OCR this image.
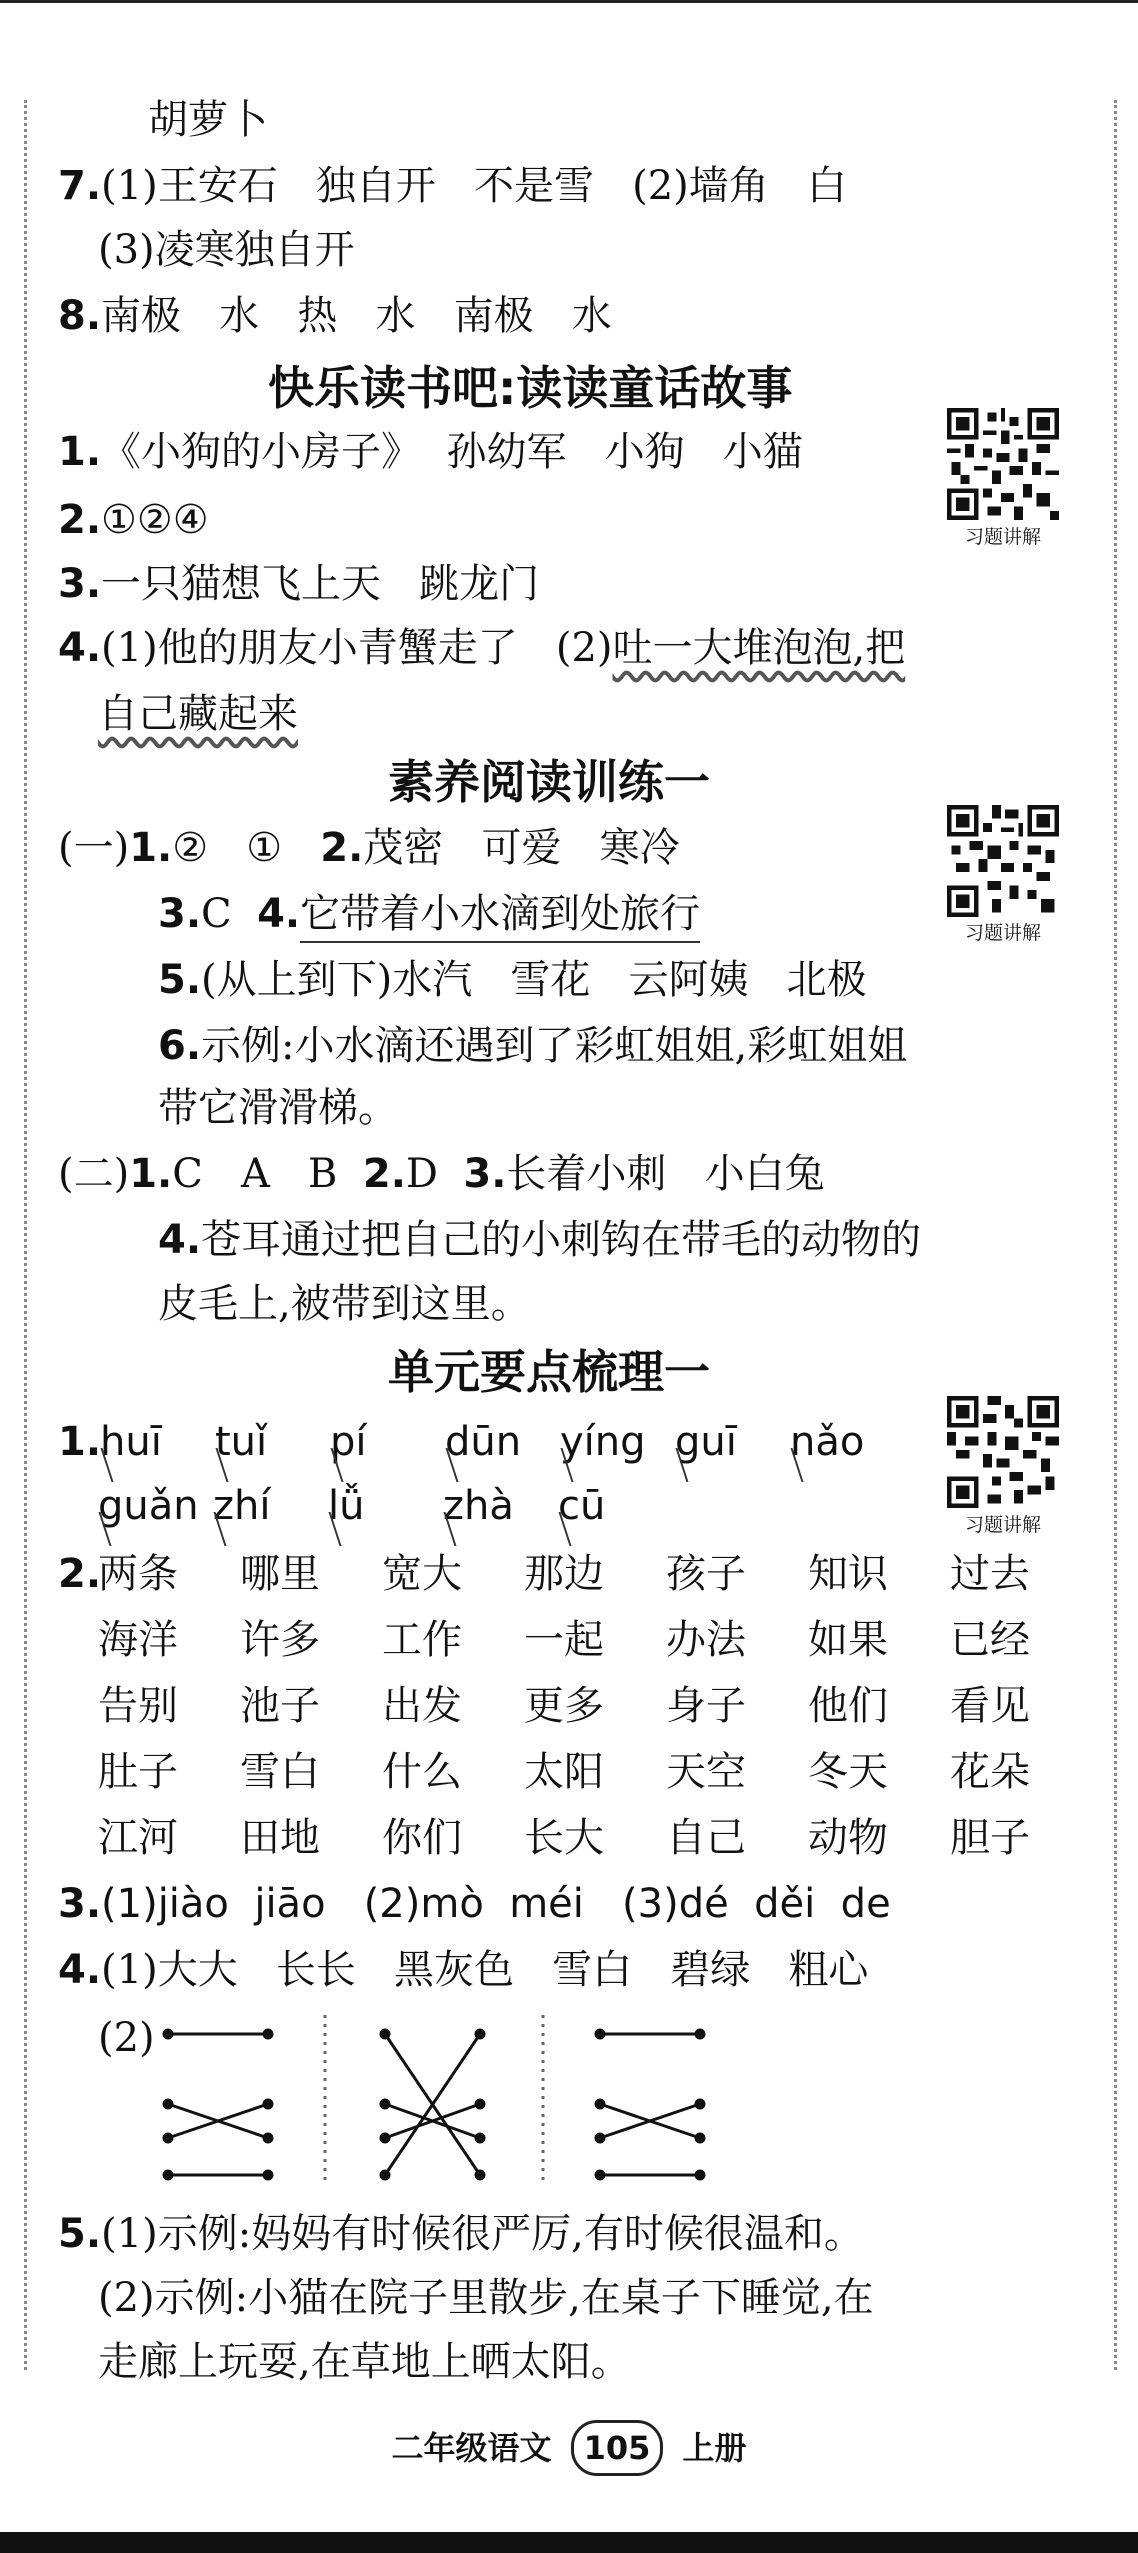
胡萝卜
7.(1)王安石   独自开   不是雪   (2)墙角   白
(3)凌寒独自开
8.南极   水   热   水   南极   水
快乐读书吧:读读童话故事
1.《小狗的小房子》  孙幼军   小狗   小猫
2.①②④
3.一只猫想飞上天   跳龙门
4.(1)他的朋友小青蟹走了   (2)吐一大堆泡泡,把
自己藏起来
习题讲解
素养阅读训练一
(一)1.②   ①   2.茂密   可爱   寒冷
3.C  4.它带着小水滴到处旅行
5.(从上到下)水汽   雪花   云阿姨   北极
6.示例:小水滴还遇到了彩虹姐姐,彩虹姐姐
带它滑滑梯。
(二)1.C   A   B  2.D  3.长着小刺   小白兔
4.苍耳通过把自己的小刺钩在带毛的动物的
皮毛上,被带到这里。
习题讲解
单元要点梳理一
1.
huī tuǐ pí dūn yíng guī nǎo
guǎn zhí lǚ zhà cū
2.
两条 哪里 宽大 那边 孩子 知识 过去
海洋 许多 工作 一起 办法 如果 已经
告别 池子 出发 更多 身子 他们 看见
肚子 雪白 什么 太阳 天空 冬天 花朵
江河 田地 你们 长大 自己 动物 胆子
3.(1)jiào  jiāo   (2)mò  méi   (3)dé  děi  de
4.(1)大大   长长   黑灰色   雪白   碧绿   粗心
(2)
5.(1)示例:妈妈有时候很严厉,有时候很温和。
(2)示例:小猫在院子里散步,在桌子下睡觉,在
走廊上玩耍,在草地上晒太阳。
习题讲解
二年级语文 105 上册
